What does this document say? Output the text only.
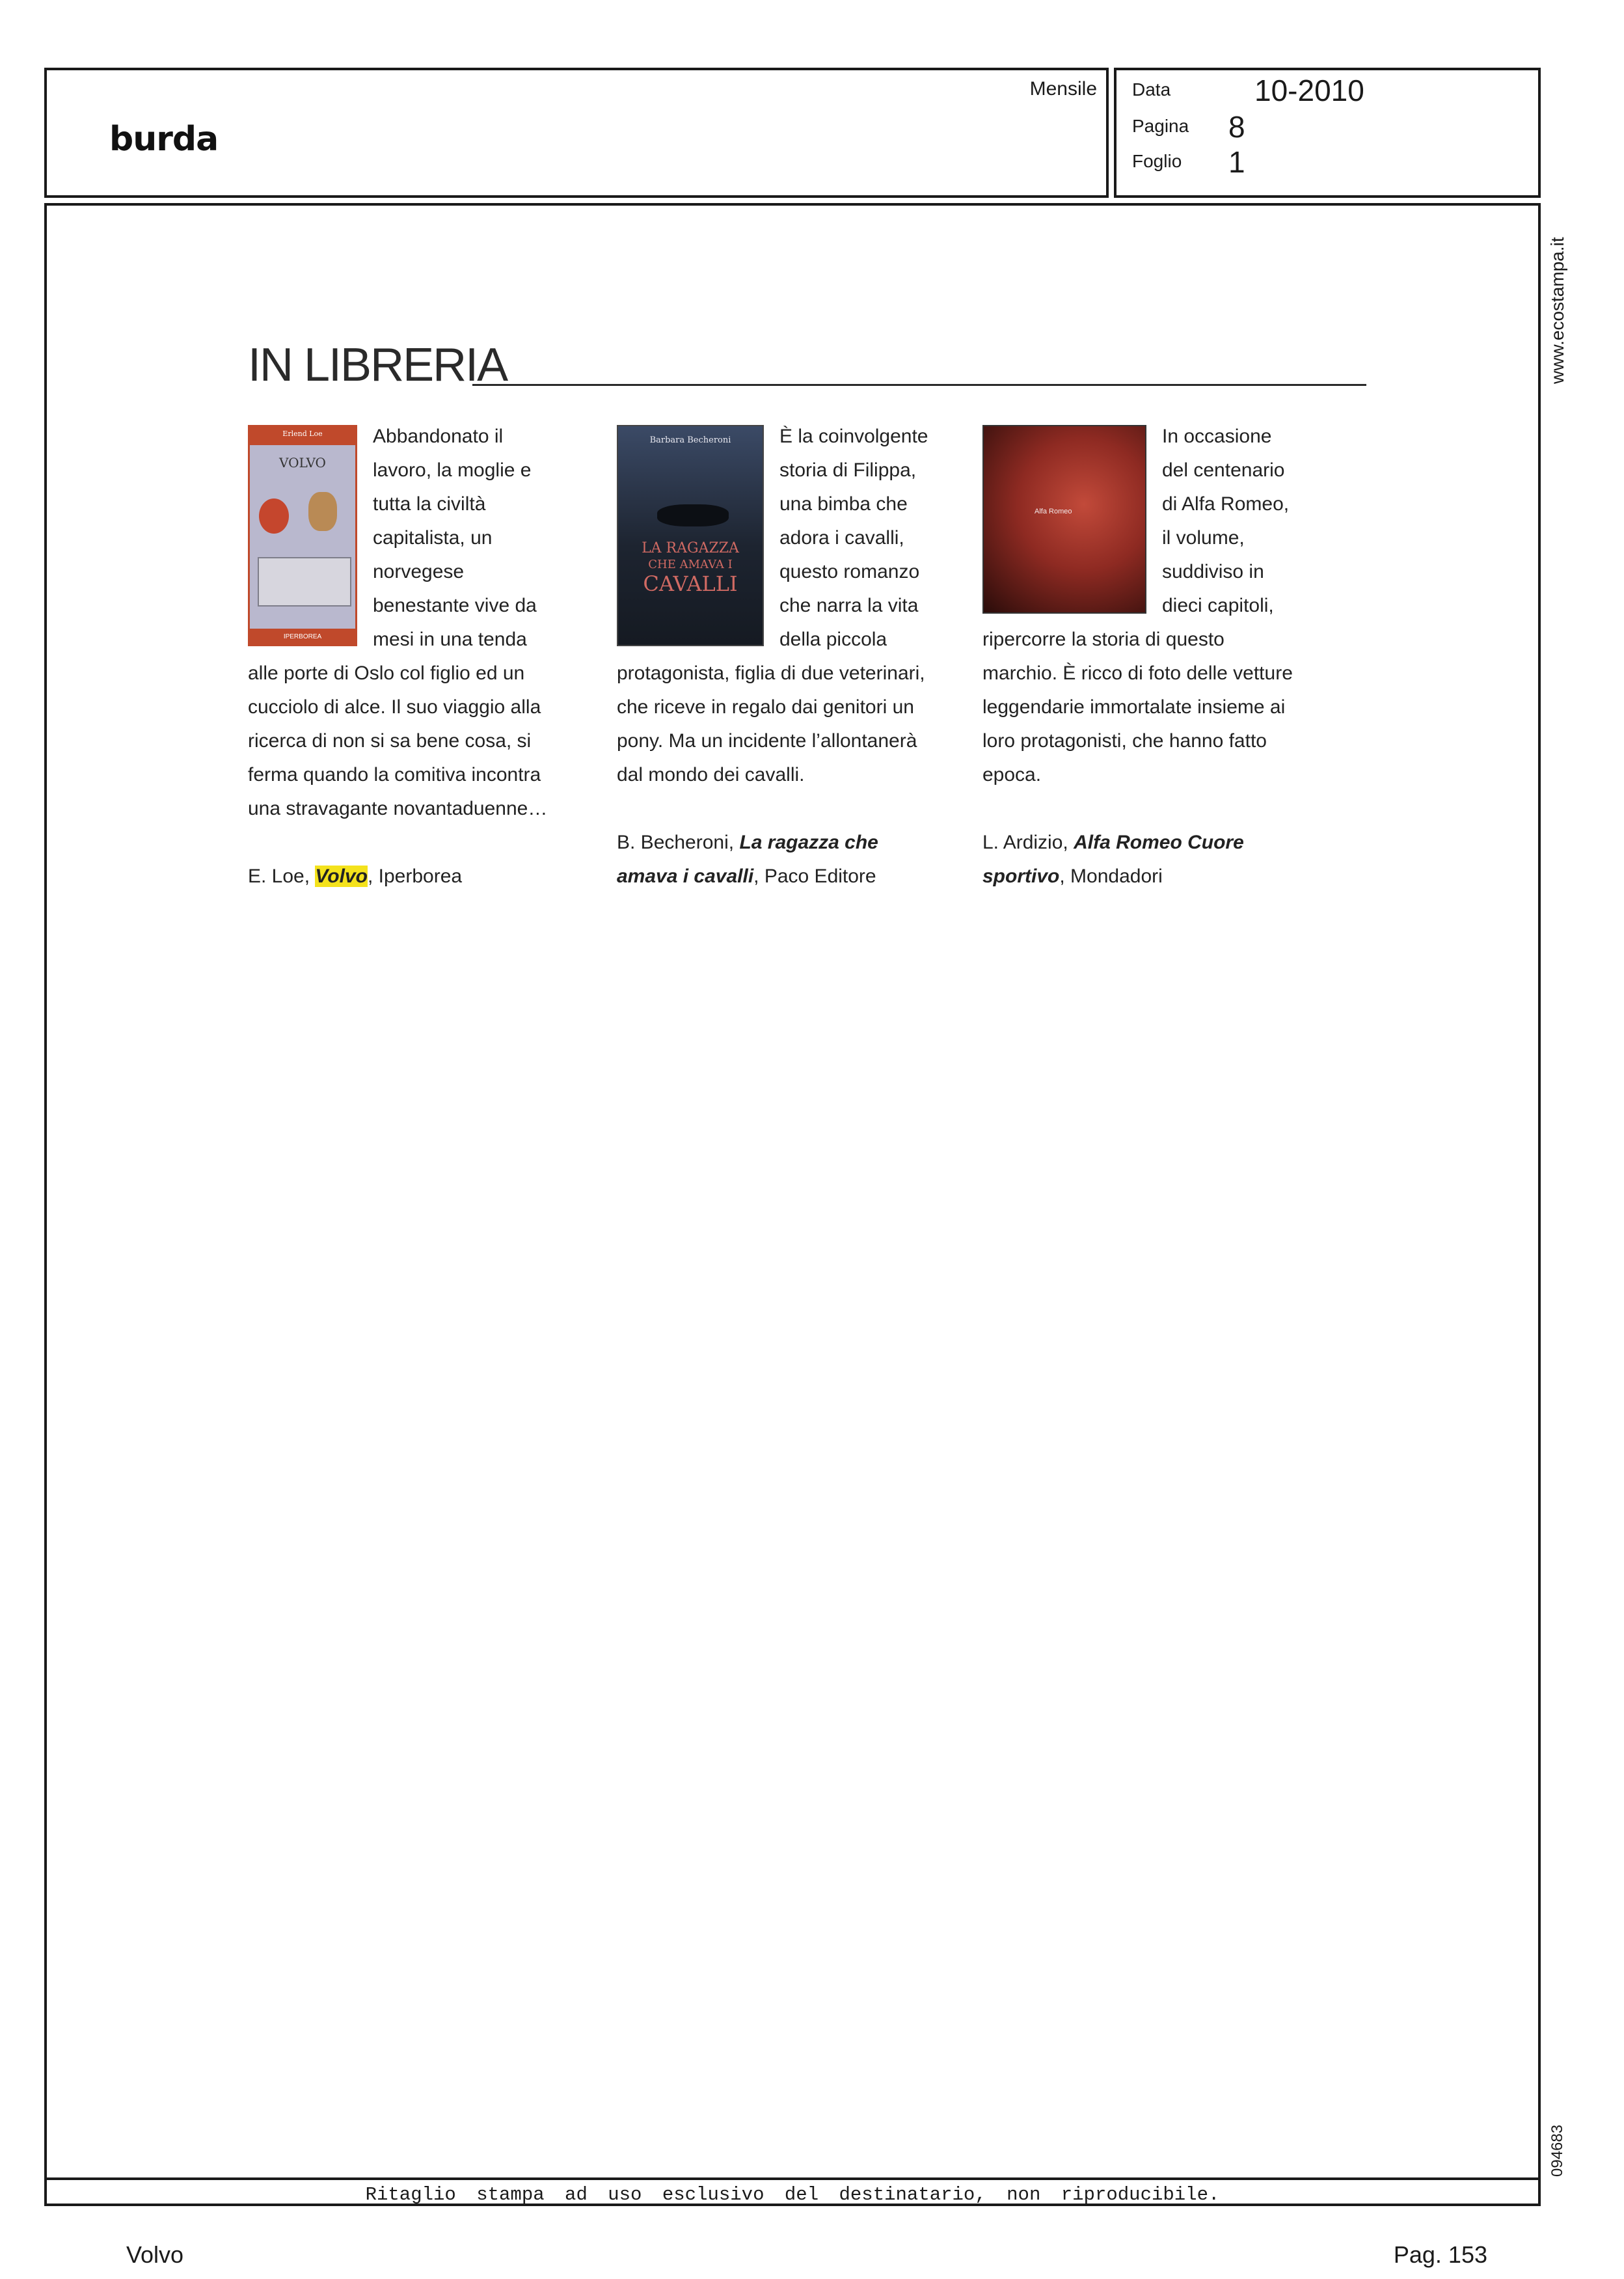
burda
Mensile Data	10-2010
Pagina 8
Foglio 1
www.ecostampa.it
094683
Ritaglio stampa ad uso esclusivo del destinatario, non riproducibile.
IN LIBRERIA
Erlend Loe
VOLVO
IPERBOREA

Abbandonato il lavoro, la moglie e tutta la civiltà capitalista, un norvegese benestante vive da mesi in una tenda alle porte di Oslo col figlio ed un cucciolo di alce. Il suo viaggio alla ricerca di non si sa bene cosa, si ferma quando la comitiva incontra una stravagante novantaduenne…

E. Loe, Volvo, Iperborea

Barbara Becheroni
LA RAGAZZA
CHE AMAVA I
CAVALLI

È la coinvolgente storia di Filippa, una bimba che adora i cavalli, questo romanzo che narra la vita della piccola protagonista, figlia di due veterinari, che riceve in regalo dai genitori un pony. Ma un incidente l’allontanerà dal mondo dei cavalli.

B. Becheroni, La ragazza che amava i cavalli, Paco Editore

Alfa Romeo

In occasione del centenario di Alfa Romeo, il volume, suddiviso in dieci capitoli, ripercorre la storia di questo marchio. È ricco di foto delle vetture leggendarie immortalate insieme ai loro protagonisti, che hanno fatto epoca.

L. Ardizio, Alfa Romeo Cuore sportivo, Mondadori

Volvo	Pag. 153
